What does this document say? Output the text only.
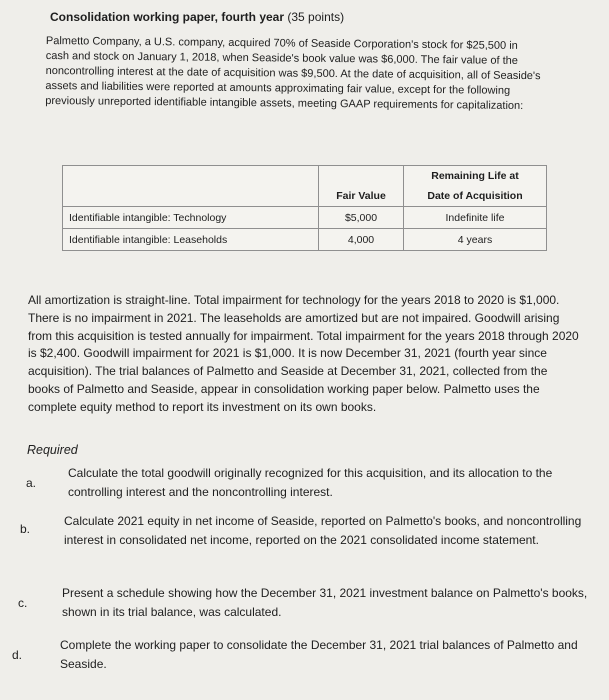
Consolidation working paper, fourth year (35 points)

Palmetto Company, a U.S. company, acquired 70% of Seaside Corporation's stock for $25,500 in cash and stock on January 1, 2018, when Seaside's book value was $6,000. The fair value of the noncontrolling interest at the date of acquisition was $9,500. At the date of acquisition, all of Seaside's assets and liabilities were reported at amounts approximating fair value, except for the following previously unreported identifiable intangible assets, meeting GAAP requirements for capitalization:

		Remaining Life at
	Fair Value	Date of Acquisition
Identifiable intangible: Technology	$5,000	Indefinite life
Identifiable intangible: Leaseholds	4,000	4 years

All amortization is straight-line. Total impairment for technology for the years 2018 to 2020 is $1,000. There is no impairment in 2021. The leaseholds are amortized but are not impaired. Goodwill arising from this acquisition is tested annually for impairment. Total impairment for the years 2018 through 2020 is $2,400. Goodwill impairment for 2021 is $1,000. It is now December 31, 2021 (fourth year since acquisition). The trial balances of Palmetto and Seaside at December 31, 2021, collected from the books of Palmetto and Seaside, appear in consolidation working paper below. Palmetto uses the complete equity method to report its investment on its own books.

Required
a.

Calculate the total goodwill originally recognized for this acquisition, and its allocation to the controlling interest and the noncontrolling interest.

b.

Calculate 2021 equity in net income of Seaside, reported on Palmetto's books, and noncontrolling interest in consolidated net income, reported on the 2021 consolidated income statement.

c.

Present a schedule showing how the December 31, 2021 investment balance on Palmetto's books, shown in its trial balance, was calculated.

d.

Complete the working paper to consolidate the December 31, 2021 trial balances of Palmetto and Seaside.
